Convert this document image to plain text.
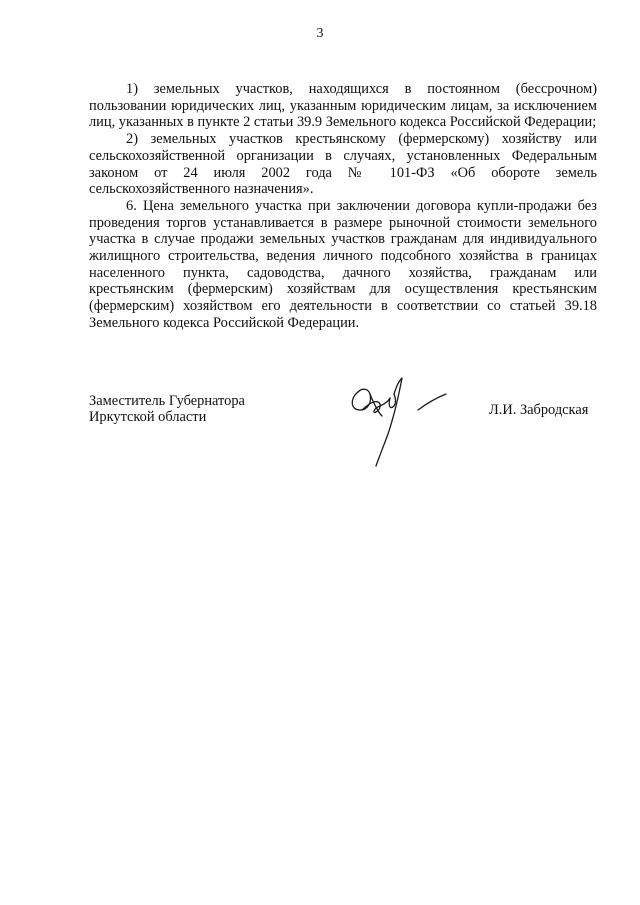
3

1) земельных участков, находящихся в постоянном (бессрочном) пользовании юридических лиц, указанным юридическим лицам, за исключением лиц, указанных в пункте 2 статьи 39.9 Земельного кодекса Российской Федерации;

2) земельных участков крестьянскому (фермерскому) хозяйству или сельскохозяйственной организации в случаях, установленных Федеральным законом от 24 июля 2002 года № 101-ФЗ «Об обороте земель сельскохозяйственного назначения».

6. Цена земельного участка при заключении договора купли-продажи без проведения торгов устанавливается в размере рыночной стоимости земельного участка в случае продажи земельных участков гражданам для индивидуального жилищного строительства, ведения личного подсобного хозяйства в границах населенного пункта, садоводства, дачного хозяйства, гражданам или крестьянским (фермерским) хозяйствам для осуществления крестьянским (фермерским) хозяйством его деятельности в соответствии со статьей 39.18 Земельного кодекса Российской Федерации.

Заместитель Губернатора
Иркутской области	Л.И. Забродская
